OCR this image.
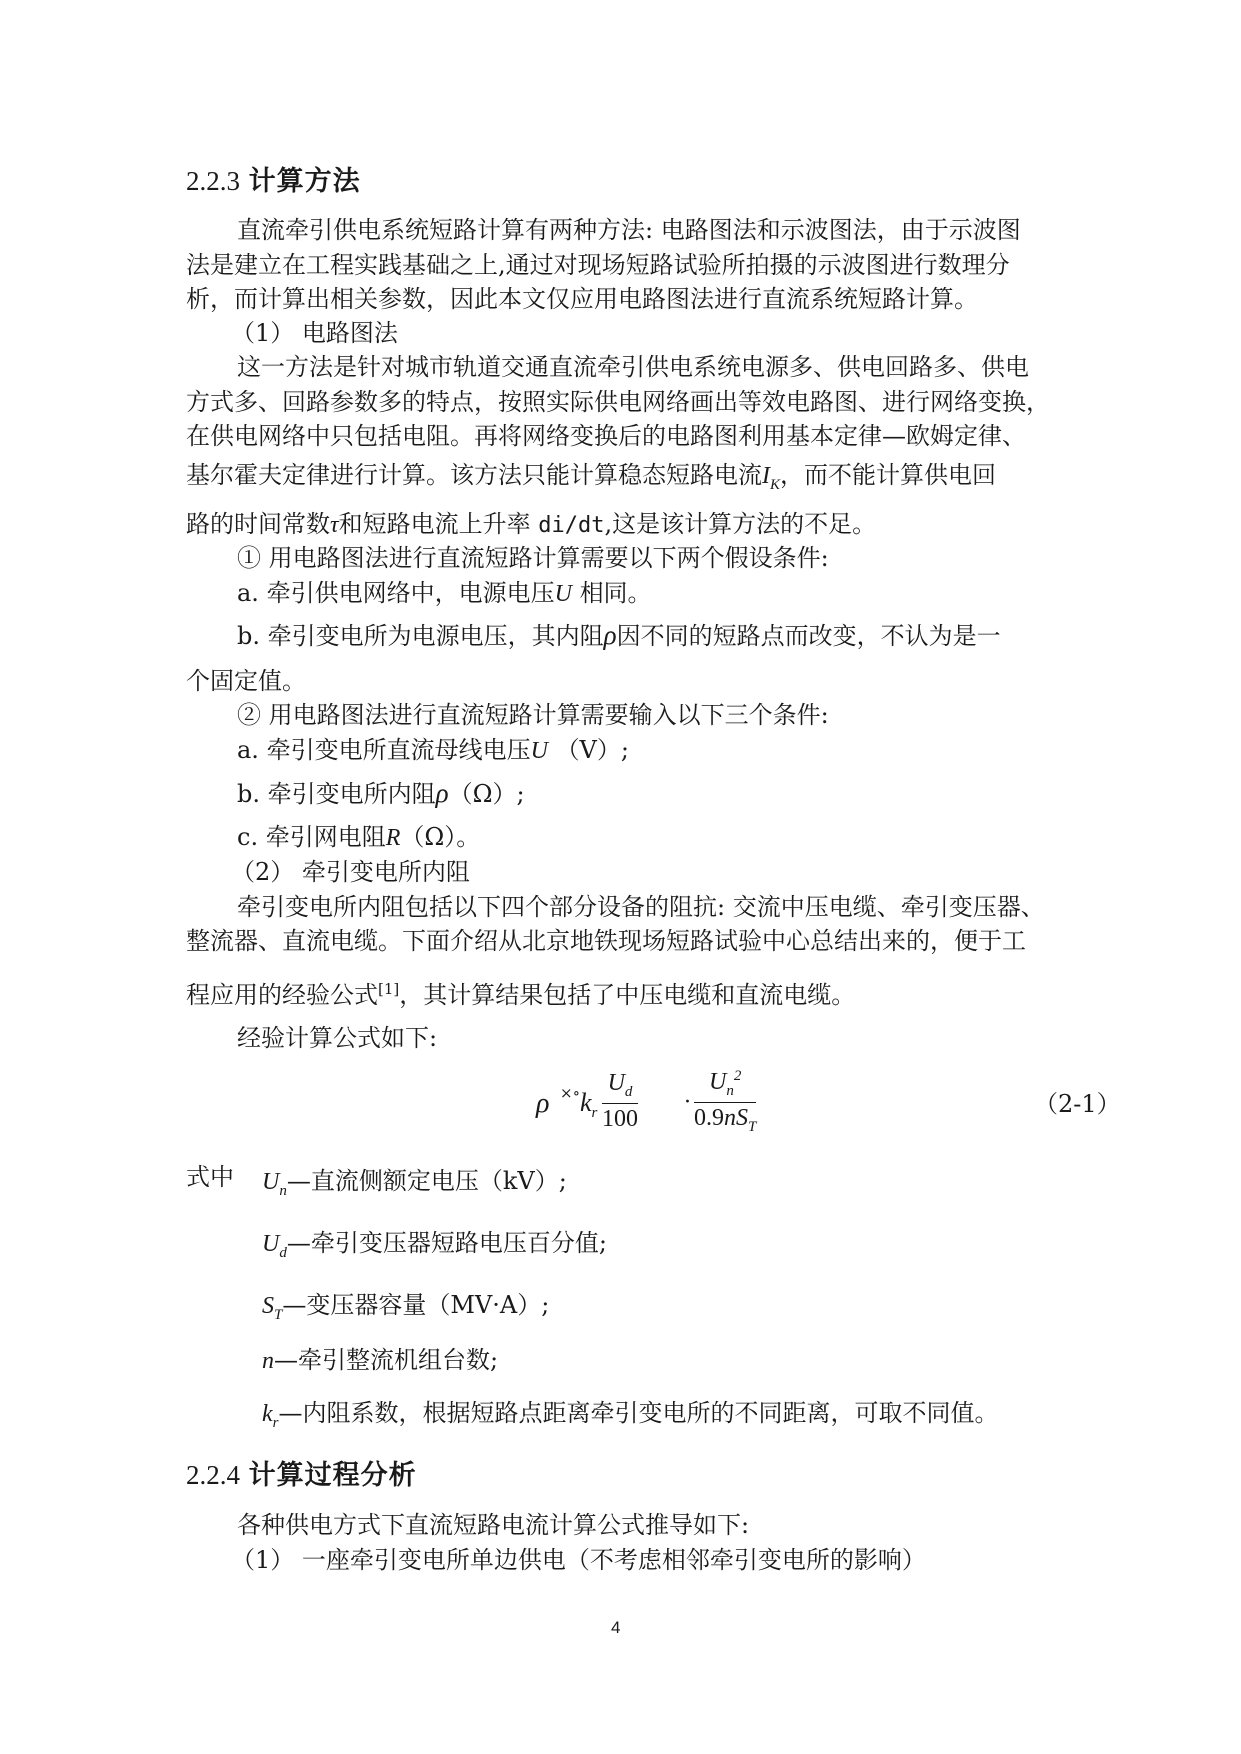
2.2.3 计算方法
直流牵引供电系统短路计算有两种方法: 电路图法和示波图法，由于示波图
法是建立在工程实践基础之上,通过对现场短路试验所拍摄的示波图进行数理分
析，而计算出相关参数，因此本文仅应用电路图法进行直流系统短路计算。
（1） 电路图法
这一方法是针对城市轨道交通直流牵引供电系统电源多、供电回路多、供电
方式多、回路参数多的特点，按照实际供电网络画出等效电路图、进行网络变换，
在供电网络中只包括电阻。再将网络变换后的电路图利用基本定律—欧姆定律、
基尔霍夫定律进行计算。该方法只能计算稳态短路电流$I_K$，而不能计算供电回
路的时间常数τ和短路电流上升率 di/dt,这是该计算方法的不足。
① 用电路图法进行直流短路计算需要以下两个假设条件:
a. 牵引供电网络中，电源电压U 相同。
b. 牵引变电所为电源电压，其内阻ρ因不同的短路点而改变，不认为是一
个固定值。
② 用电路图法进行直流短路计算需要输入以下三个条件:
a. 牵引变电所直流母线电压U （V）;
b. 牵引变电所内阻ρ（Ω）;
c. 牵引网电阻R（Ω）。
（2） 牵引变电所内阻
牵引变电所内阻包括以下四个部分设备的阻抗: 交流中压电缆、牵引变压器、
整流器、直流电缆。下面介绍从北京地铁现场短路试验中心总结出来的，便于工
程应用的经验公式[1]，其计算结果包括了中压电缆和直流电缆。
经验计算公式如下:
ρ ×∘ $k_r \frac{U_d}{100}$ ·
$U_n^2$
$0.9nS_T$
（2-1）
式中 $U_n—$直流侧额定电压（kV）;
$U_d—$牵引变压器短路电压百分值;
$S_T—$变压器容量（MV·A）;
n—牵引整流机组台数;
$k_r—$内阻系数，根据短路点距离牵引变电所的不同距离，可取不同值。
2.2.4 计算过程分析
各种供电方式下直流短路电流计算公式推导如下:
（1） 一座牵引变电所单边供电（不考虑相邻牵引变电所的影响）
4
